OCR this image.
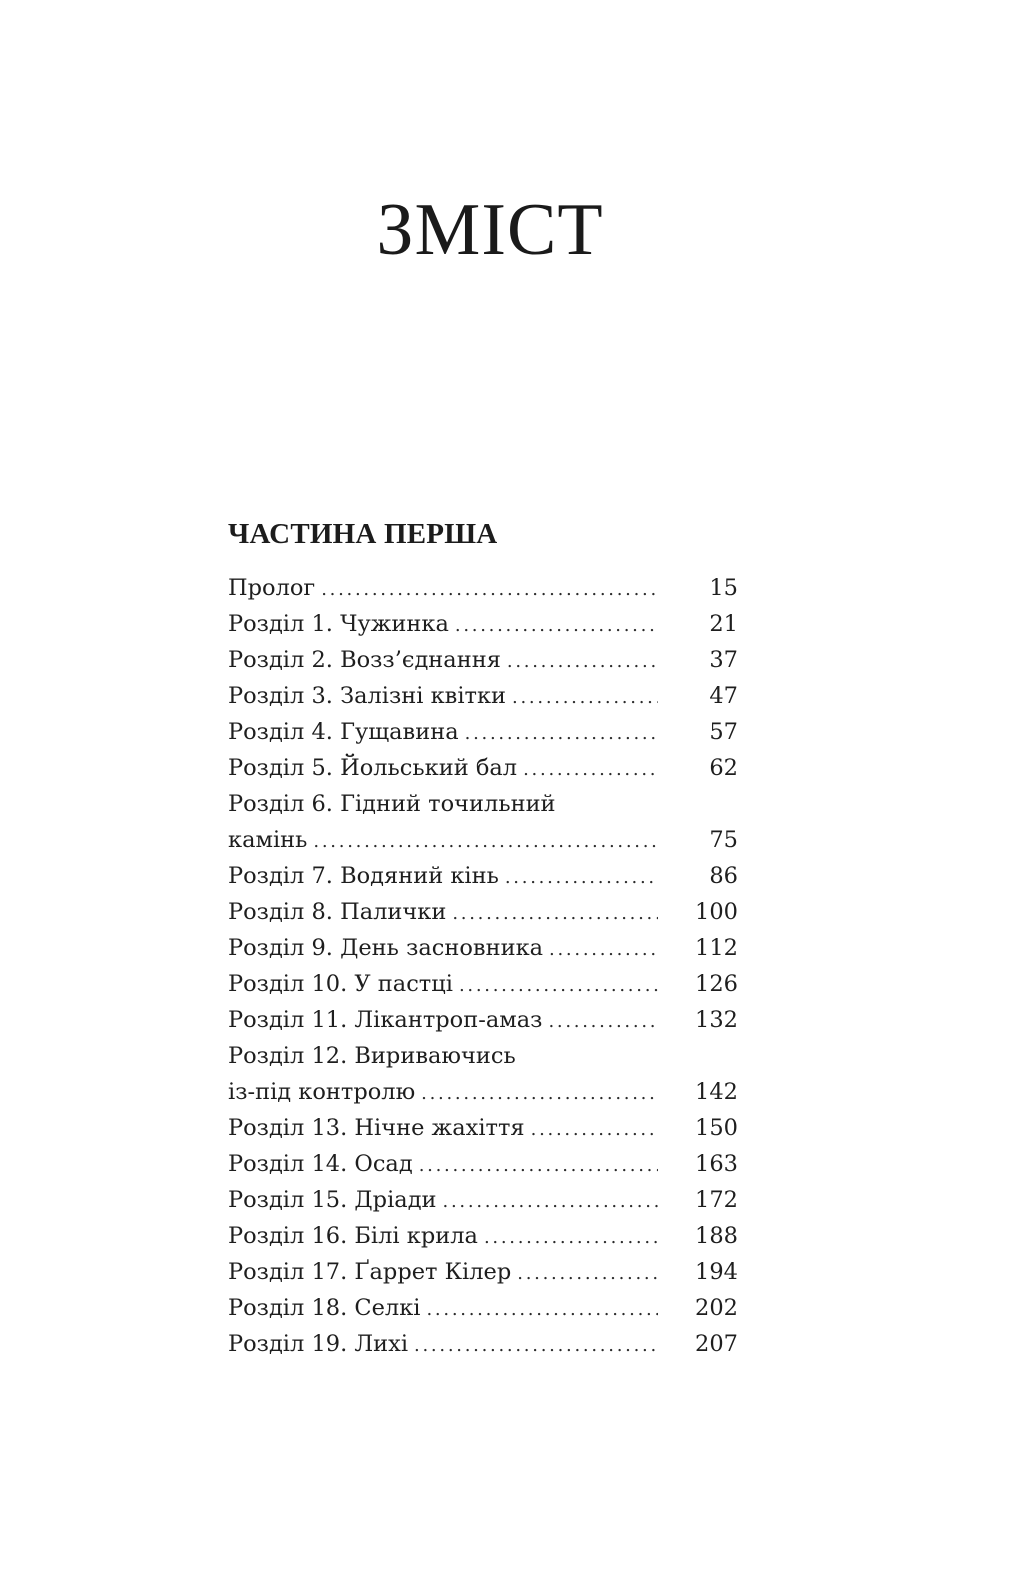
ЗМІСТ
ЧАСТИНА ПЕРША
Пролог . . .	15
Розділ 1. Чужинка . . .	21
Розділ 2. Возз’єднання . . .	37
Розділ 3. Залізні квітки . . .	47
Розділ 4. Гущавина . . .	57
Розділ 5. Йольський бал . . .	62
Розділ 6. Гідний точильний
камінь . . .	75
Розділ 7. Водяний кінь . . .	86
Розділ 8. Палички . . .	100
Розділ 9. День засновника . . .	112
Розділ 10. У пастці . . .	126
Розділ 11. Лікантроп-амаз . . .	132
Розділ 12. Вириваючись
із-під контролю . . .	142
Розділ 13. Нічне жахіття . . .	150
Розділ 14. Осад . . .	163
Розділ 15. Дріади . . .	172
Розділ 16. Білі крила . . .	188
Розділ 17. Ґаррет Кілер . . .	194
Розділ 18. Селкі . . .	202
Розділ 19. Лихі . . .	207
